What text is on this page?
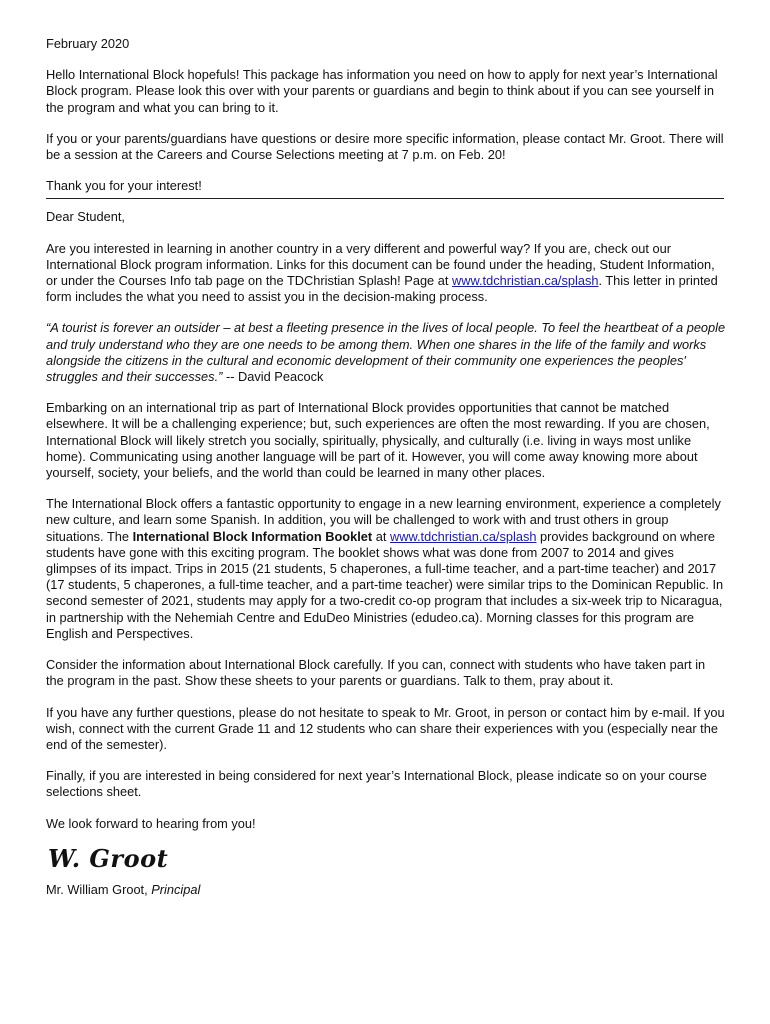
February 2020

Hello International Block hopefuls! This package has information you need on how to apply for next year’s International Block program. Please look this over with your parents or guardians and begin to think about if you can see yourself in the program and what you can bring to it.

If you or your parents/guardians have questions or desire more specific information, please contact Mr. Groot. There will be a session at the Careers and Course Selections meeting at 7 p.m. on Feb. 20!

Thank you for your interest!

Dear Student,

Are you interested in learning in another country in a very different and powerful way? If you are, check out our International Block program information. Links for this document can be found under the heading, Student Information, or under the Courses Info tab page on the TDChristian Splash! Page at www.tdchristian.ca/splash. This letter in printed form includes the what you need to assist you in the decision-making process.

“A tourist is forever an outsider – at best a fleeting presence in the lives of local people. To feel the heartbeat of a people and truly understand who they are one needs to be among them. When one shares in the life of the family and works alongside the citizens in the cultural and economic development of their community one experiences the peoples' struggles and their successes.” -- David Peacock

Embarking on an international trip as part of International Block provides opportunities that cannot be matched elsewhere. It will be a challenging experience; but, such experiences are often the most rewarding. If you are chosen, International Block will likely stretch you socially, spiritually, physically, and culturally (i.e. living in ways most unlike home). Communicating using another language will be part of it. However, you will come away knowing more about yourself, society, your beliefs, and the world than could be learned in many other places.

The International Block offers a fantastic opportunity to engage in a new learning environment, experience a completely new culture, and learn some Spanish. In addition, you will be challenged to work with and trust others in group situations. The International Block Information Booklet at www.tdchristian.ca/splash provides background on where students have gone with this exciting program. The booklet shows what was done from 2007 to 2014 and gives glimpses of its impact. Trips in 2015 (21 students, 5 chaperones, a full-time teacher, and a part-time teacher) and 2017 (17 students, 5 chaperones, a full-time teacher, and a part-time teacher) were similar trips to the Dominican Republic. In second semester of 2021, students may apply for a two-credit co-op program that includes a six-week trip to Nicaragua, in partnership with the Nehemiah Centre and EduDeo Ministries (edudeo.ca). Morning classes for this program are English and Perspectives.

Consider the information about International Block carefully. If you can, connect with students who have taken part in the program in the past. Show these sheets to your parents or guardians. Talk to them, pray about it.

If you have any further questions, please do not hesitate to speak to Mr. Groot, in person or contact him by e-mail. If you wish, connect with the current Grade 11 and 12 students who can share their experiences with you (especially near the end of the semester).

Finally, if you are interested in being considered for next year’s International Block, please indicate so on your course selections sheet.

We look forward to hearing from you!

W. Groot

Mr. William Groot, Principal
